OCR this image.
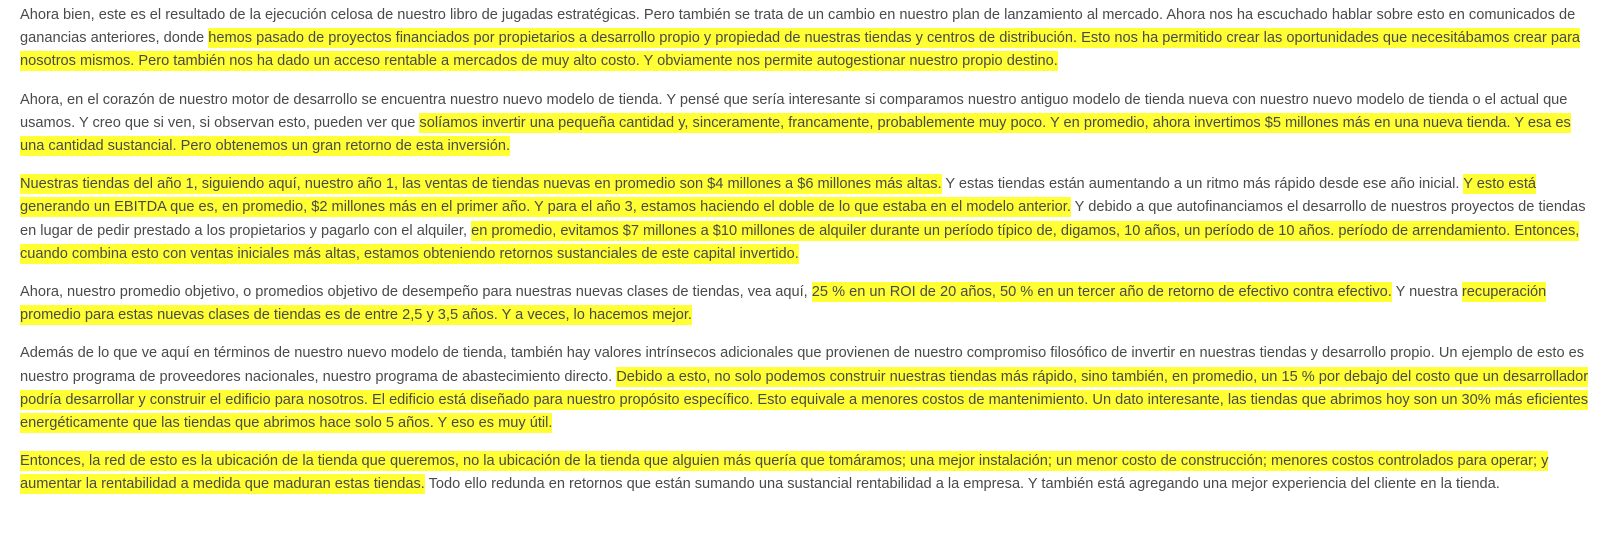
Ahora bien, este es el resultado de la ejecución celosa de nuestro libro de jugadas estratégicas. Pero también se trata de un cambio en nuestro plan de lanzamiento al mercado. Ahora nos ha escuchado hablar sobre esto en comunicados de ganancias anteriores, donde hemos pasado de proyectos financiados por propietarios a desarrollo propio y propiedad de nuestras tiendas y centros de distribución. Esto nos ha permitido crear las oportunidades que necesitábamos crear para nosotros mismos. Pero también nos ha dado un acceso rentable a mercados de muy alto costo. Y obviamente nos permite autogestionar nuestro propio destino.

Ahora, en el corazón de nuestro motor de desarrollo se encuentra nuestro nuevo modelo de tienda. Y pensé que sería interesante si comparamos nuestro antiguo modelo de tienda nueva con nuestro nuevo modelo de tienda o el actual que usamos. Y creo que si ven, si observan esto, pueden ver que solíamos invertir una pequeña cantidad y, sinceramente, francamente, probablemente muy poco. Y en promedio, ahora invertimos $5 millones más en una nueva tienda. Y esa es una cantidad sustancial. Pero obtenemos un gran retorno de esta inversión.

Nuestras tiendas del año 1, siguiendo aquí, nuestro año 1, las ventas de tiendas nuevas en promedio son $4 millones a $6 millones más altas. Y estas tiendas están aumentando a un ritmo más rápido desde ese año inicial. Y esto está generando un EBITDA que es, en promedio, $2 millones más en el primer año. Y para el año 3, estamos haciendo el doble de lo que estaba en el modelo anterior. Y debido a que autofinanciamos el desarrollo de nuestros proyectos de tiendas en lugar de pedir prestado a los propietarios y pagarlo con el alquiler, en promedio, evitamos $7 millones a $10 millones de alquiler durante un período típico de, digamos, 10 años, un período de 10 años. período de arrendamiento. Entonces, cuando combina esto con ventas iniciales más altas, estamos obteniendo retornos sustanciales de este capital invertido.

Ahora, nuestro promedio objetivo, o promedios objetivo de desempeño para nuestras nuevas clases de tiendas, vea aquí, 25 % en un ROI de 20 años, 50 % en un tercer año de retorno de efectivo contra efectivo. Y nuestra recuperación promedio para estas nuevas clases de tiendas es de entre 2,5 y 3,5 años. Y a veces, lo hacemos mejor.

Además de lo que ve aquí en términos de nuestro nuevo modelo de tienda, también hay valores intrínsecos adicionales que provienen de nuestro compromiso filosófico de invertir en nuestras tiendas y desarrollo propio. Un ejemplo de esto es nuestro programa de proveedores nacionales, nuestro programa de abastecimiento directo. Debido a esto, no solo podemos construir nuestras tiendas más rápido, sino también, en promedio, un 15 % por debajo del costo que un desarrollador podría desarrollar y construir el edificio para nosotros. El edificio está diseñado para nuestro propósito específico. Esto equivale a menores costos de mantenimiento. Un dato interesante, las tiendas que abrimos hoy son un 30% más eficientes energéticamente que las tiendas que abrimos hace solo 5 años. Y eso es muy útil.

Entonces, la red de esto es la ubicación de la tienda que queremos, no la ubicación de la tienda que alguien más quería que tomáramos; una mejor instalación; un menor costo de construcción; menores costos controlados para operar; y aumentar la rentabilidad a medida que maduran estas tiendas. Todo ello redunda en retornos que están sumando una sustancial rentabilidad a la empresa. Y también está agregando una mejor experiencia del cliente en la tienda.
